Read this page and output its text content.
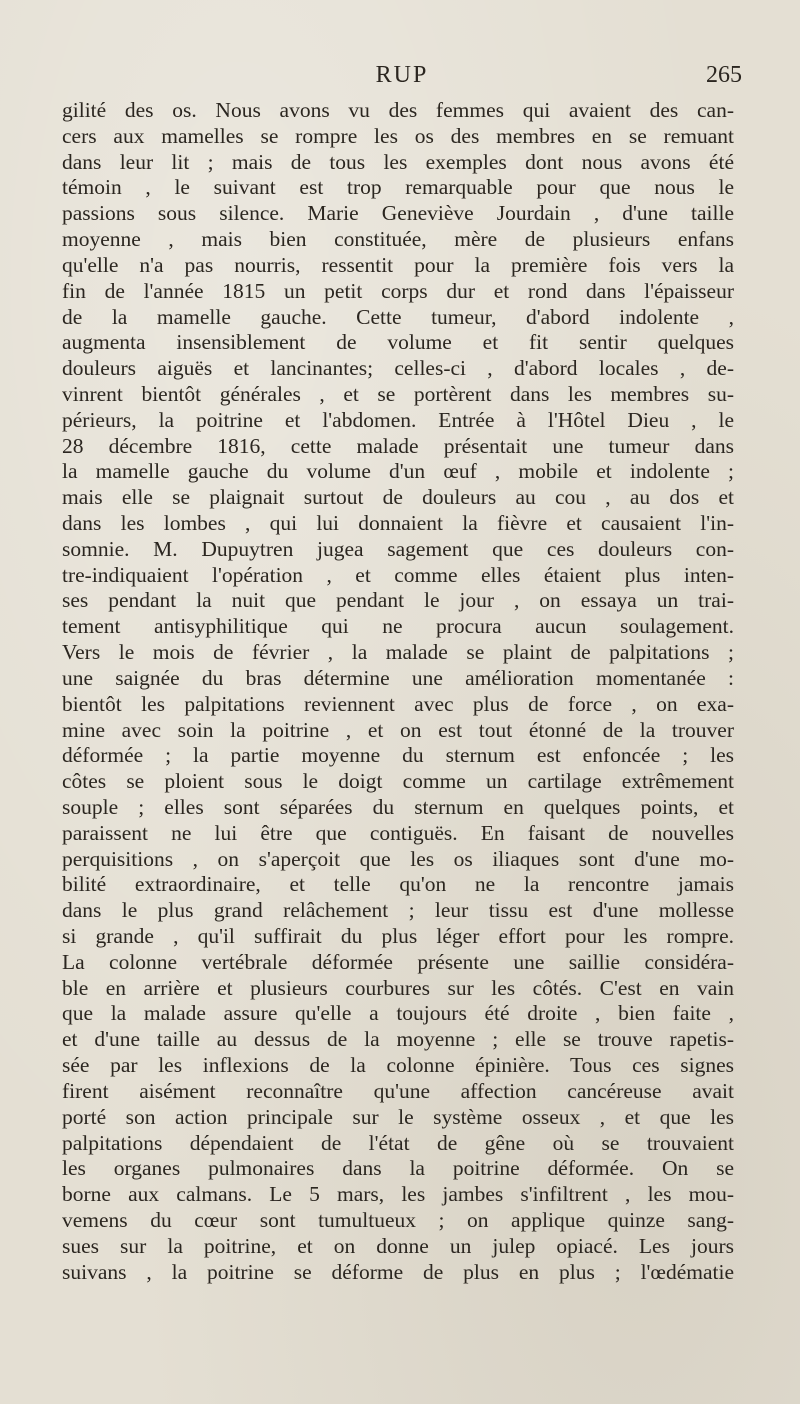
RUP	265
gilité des os. Nous avons vu des femmes qui avaient des can-
cers aux mamelles se rompre les os des membres en se remuant
dans leur lit ; mais de tous les exemples dont nous avons été
témoin , le suivant est trop remarquable pour que nous le
passions sous silence. Marie Geneviève Jourdain , d'une taille
moyenne , mais bien constituée, mère de plusieurs enfans
qu'elle n'a pas nourris, ressentit pour la première fois vers la
fin de l'année 1815 un petit corps dur et rond dans l'épaisseur
de la mamelle gauche. Cette tumeur, d'abord indolente ,
augmenta insensiblement de volume et fit sentir quelques
douleurs aiguës et lancinantes; celles-ci , d'abord locales , de-
vinrent bientôt générales , et se portèrent dans les membres su-
périeurs, la poitrine et l'abdomen. Entrée à l'Hôtel Dieu , le
28 décembre 1816, cette malade présentait une tumeur dans
la mamelle gauche du volume d'un œuf , mobile et indolente ;
mais elle se plaignait surtout de douleurs au cou , au dos et
dans les lombes , qui lui donnaient la fièvre et causaient l'in-
somnie. M. Dupuytren jugea sagement que ces douleurs con-
tre-indiquaient l'opération , et comme elles étaient plus inten-
ses pendant la nuit que pendant le jour , on essaya un trai-
tement antisyphilitique qui ne procura aucun soulagement.
Vers le mois de février , la malade se plaint de palpitations ;
une saignée du bras détermine une amélioration momentanée :
bientôt les palpitations reviennent avec plus de force , on exa-
mine avec soin la poitrine , et on est tout étonné de la trouver
déformée ; la partie moyenne du sternum est enfoncée ; les
côtes se ploient sous le doigt comme un cartilage extrêmement
souple ; elles sont séparées du sternum en quelques points, et
paraissent ne lui être que contiguës. En faisant de nouvelles
perquisitions , on s'aperçoit que les os iliaques sont d'une mo-
bilité extraordinaire, et telle qu'on ne la rencontre jamais
dans le plus grand relâchement ; leur tissu est d'une mollesse
si grande , qu'il suffirait du plus léger effort pour les rompre.
La colonne vertébrale déformée présente une saillie considéra-
ble en arrière et plusieurs courbures sur les côtés. C'est en vain
que la malade assure qu'elle a toujours été droite , bien faite ,
et d'une taille au dessus de la moyenne ; elle se trouve rapetis-
sée par les inflexions de la colonne épinière. Tous ces signes
firent aisément reconnaître qu'une affection cancéreuse avait
porté son action principale sur le système osseux , et que les
palpitations dépendaient de l'état de gêne où se trouvaient
les organes pulmonaires dans la poitrine déformée. On se
borne aux calmans. Le 5 mars, les jambes s'infiltrent , les mou-
vemens du cœur sont tumultueux ; on applique quinze sang-
sues sur la poitrine, et on donne un julep opiacé. Les jours
suivans , la poitrine se déforme de plus en plus ; l'œdématie
